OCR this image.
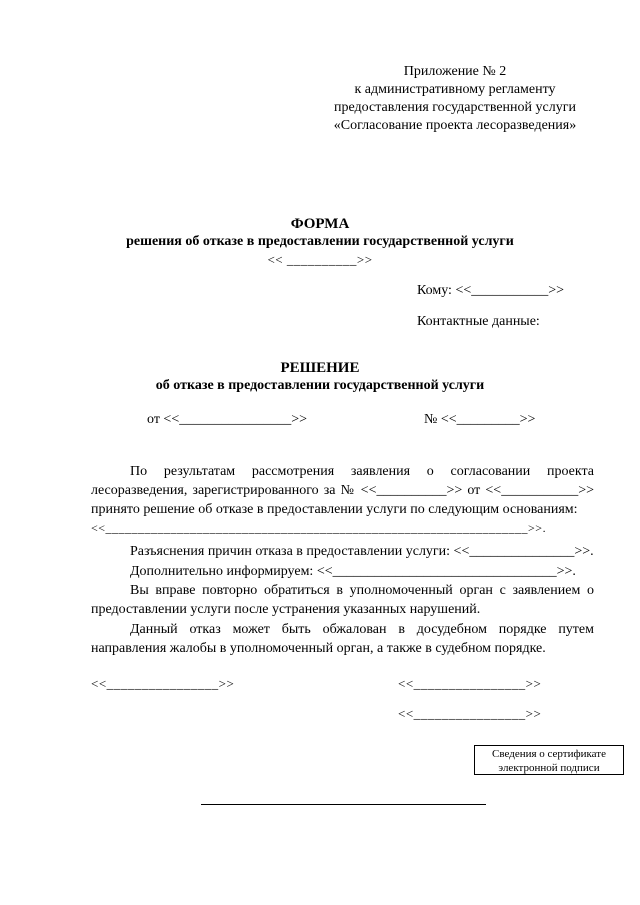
Приложение № 2
к административному регламенту
предоставления государственной услуги
«Согласование проекта лесоразведения»
ФОРМА
решения об отказе в предоставлении государственной услуги
<< __________>>
Кому: <<___________>>
Контактные данные:
РЕШЕНИЕ
об отказе в предоставлении государственной услуги
от <<________________>>	№ <<_________>>
По результатам рассмотрения заявления о согласовании проекта
лесоразведения, зарегистрированного за № <<__________>> от <<___________>>
принято решение об отказе в предоставлении услуги по следующим основаниям:
<<_________________________________________________________________>>.
Разъяснения причин отказа в предоставлении услуги: <<_______________>>.
Дополнительно информируем: <<________________________________>>.
Вы вправе повторно обратиться в уполномоченный орган с заявлением о предоставлении услуги после устранения указанных нарушений.
Данный отказ может быть обжалован в досудебном порядке путем направления жалобы в уполномоченный орган, а также в судебном порядке.
<<________________>>	<<________________>>
<<________________>>
Сведения о сертификате
электронной подписи
